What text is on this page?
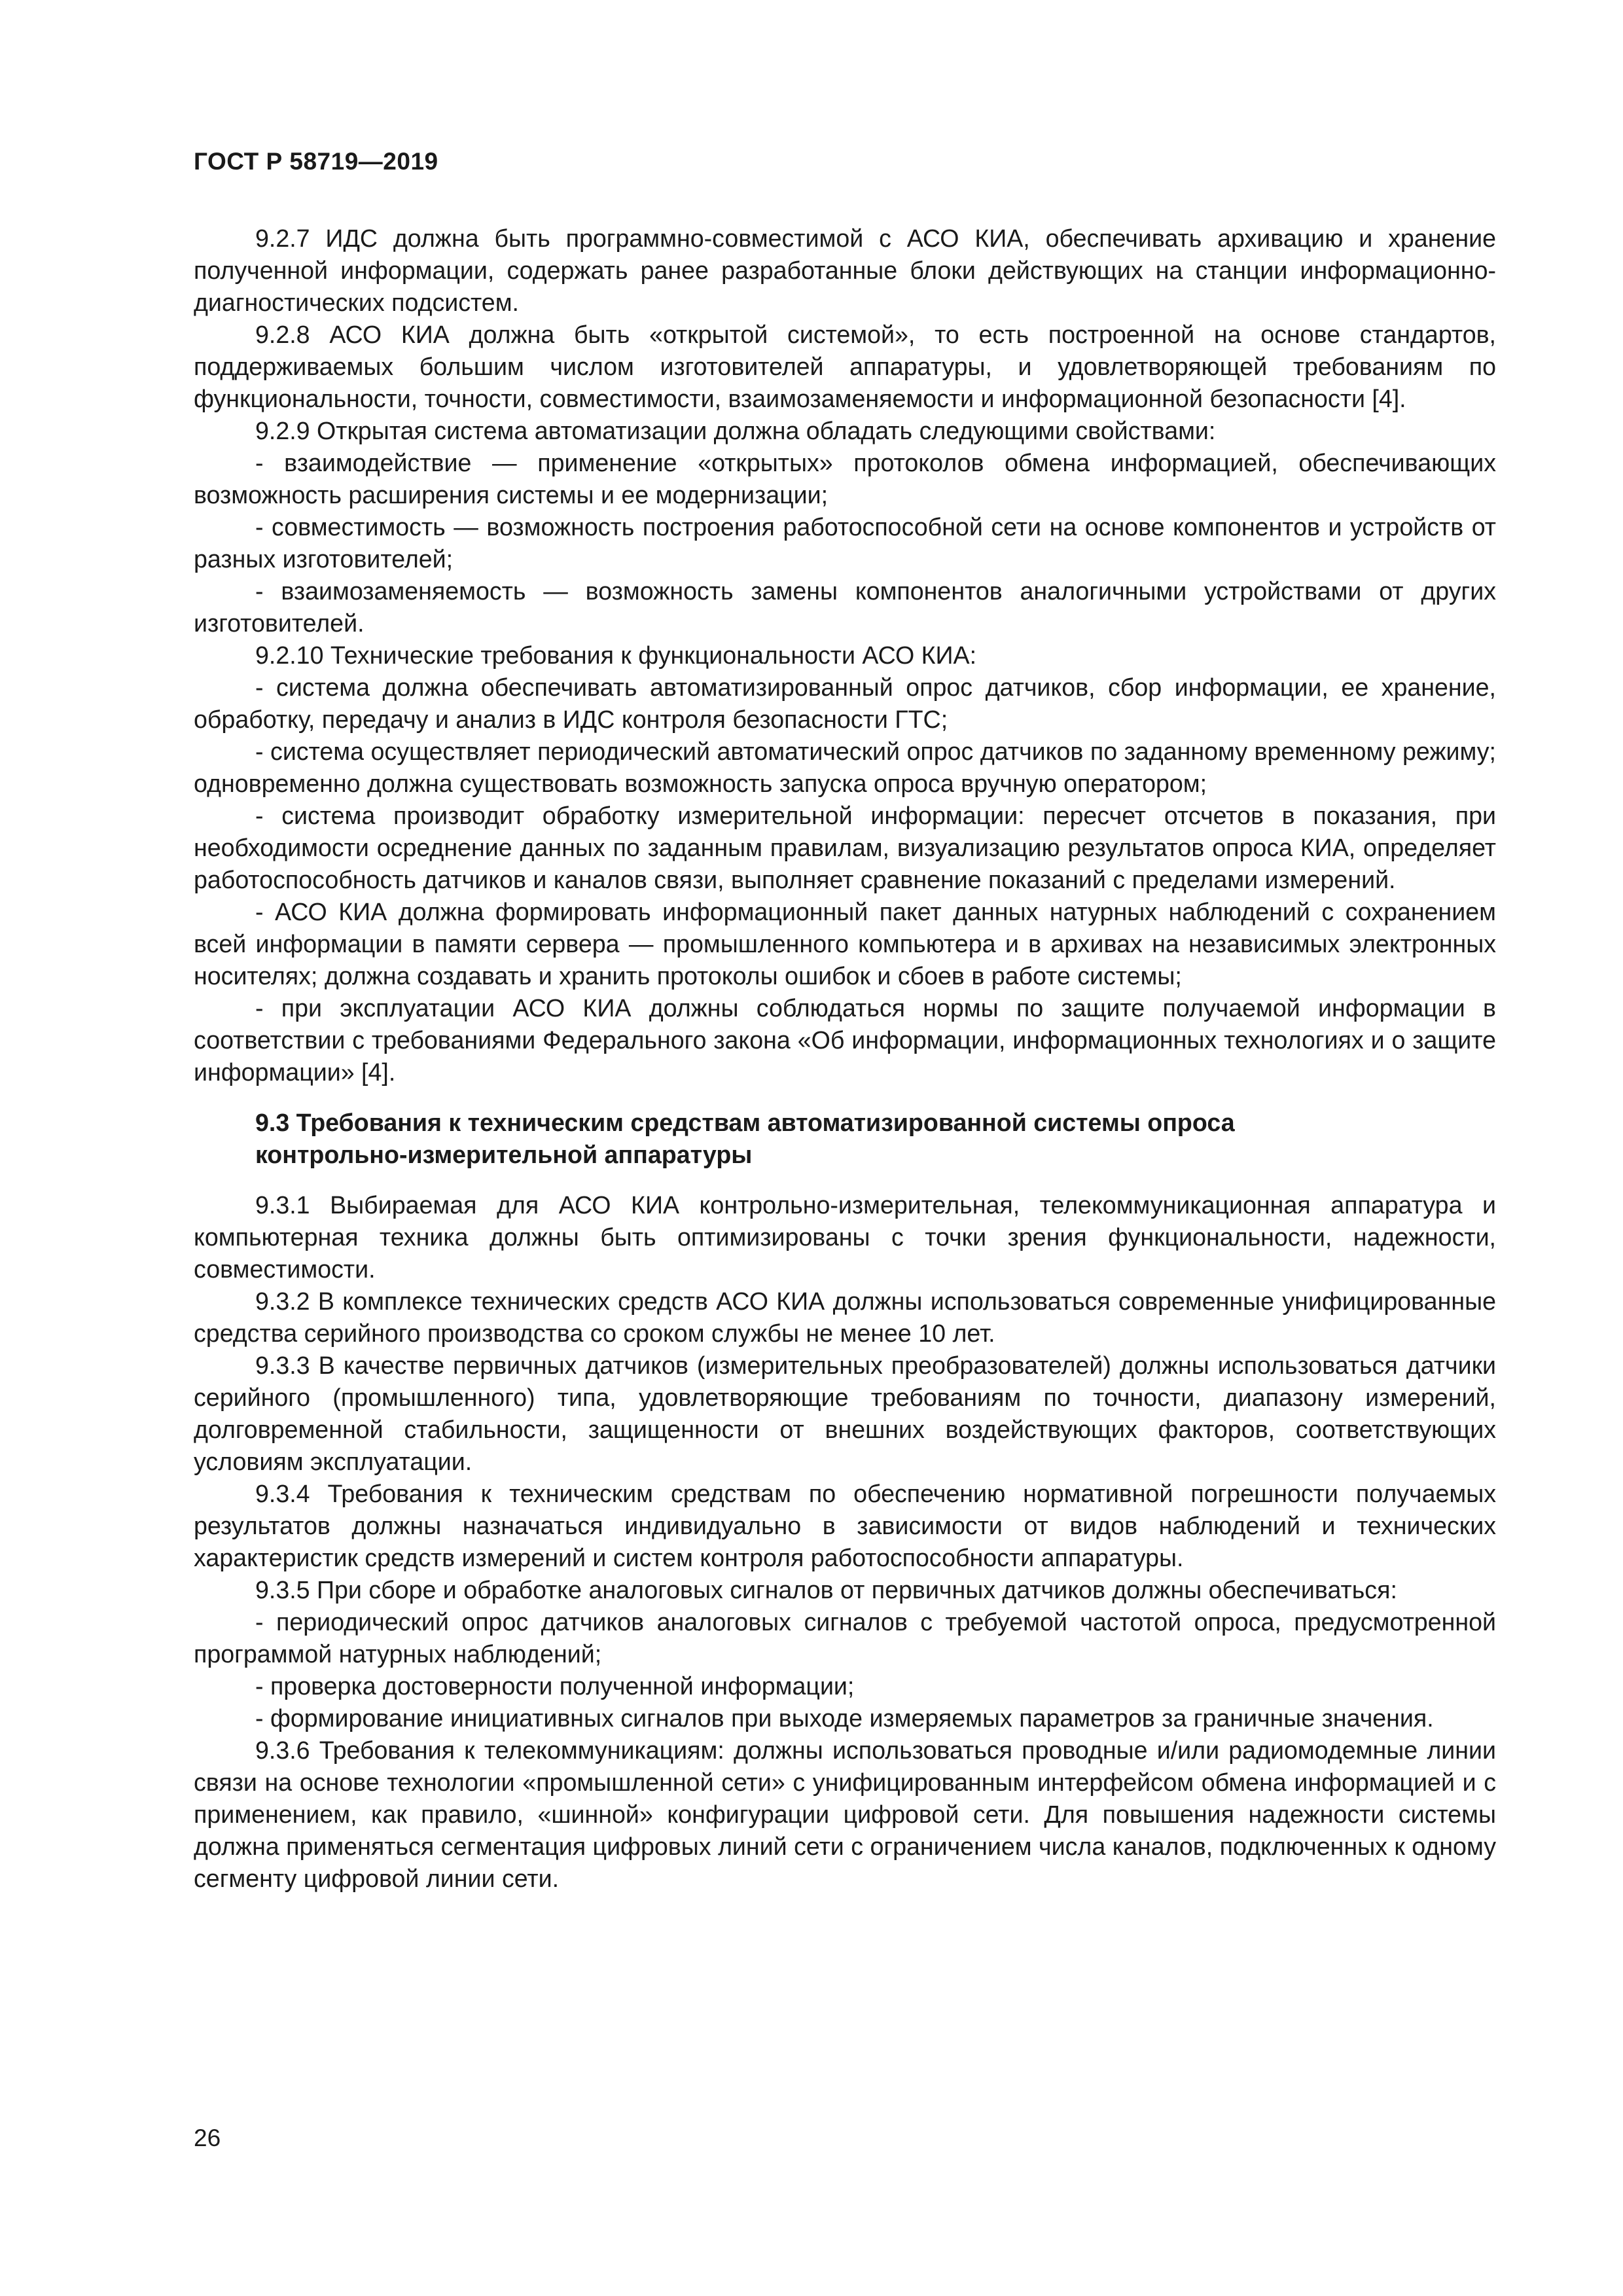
ГОСТ Р 58719—2019

9.2.7 ИДС должна быть программно-совместимой с АСО КИА, обеспечивать архивацию и хранение полученной информации, содержать ранее разработанные блоки действующих на станции информационно-диагностических подсистем.

9.2.8 АСО КИА должна быть «открытой системой», то есть построенной на основе стандартов, поддерживаемых большим числом изготовителей аппаратуры, и удовлетворяющей требованиям по функциональности, точности, совместимости, взаимозаменяемости и информационной безопасности [4].

9.2.9 Открытая система автоматизации должна обладать следующими свойствами:

- взаимодействие — применение «открытых» протоколов обмена информацией, обеспечивающих возможность расширения системы и ее модернизации;

- совместимость — возможность построения работоспособной сети на основе компонентов и устройств от разных изготовителей;

- взаимозаменяемость — возможность замены компонентов аналогичными устройствами от других изготовителей.

9.2.10 Технические требования к функциональности АСО КИА:

- система должна обеспечивать автоматизированный опрос датчиков, сбор информации, ее хранение, обработку, передачу и анализ в ИДС контроля безопасности ГТС;

- система осуществляет периодический автоматический опрос датчиков по заданному временному режиму; одновременно должна существовать возможность запуска опроса вручную оператором;

- система производит обработку измерительной информации: пересчет отсчетов в показания, при необходимости осреднение данных по заданным правилам, визуализацию результатов опроса КИА, определяет работоспособность датчиков и каналов связи, выполняет сравнение показаний с пределами измерений.

- АСО КИА должна формировать информационный пакет данных натурных наблюдений с сохранением всей информации в памяти сервера — промышленного компьютера и в архивах на независимых электронных носителях; должна создавать и хранить протоколы ошибок и сбоев в работе системы;

- при эксплуатации АСО КИА должны соблюдаться нормы по защите получаемой информации в соответствии с требованиями Федерального закона «Об информации, информационных технологиях и о защите информации» [4].

9.3 Требования к техническим средствам автоматизированной системы опроса
контрольно-измерительной аппаратуры

9.3.1 Выбираемая для АСО КИА контрольно-измерительная, телекоммуникационная аппаратура и компьютерная техника должны быть оптимизированы с точки зрения функциональности, надежности, совместимости.

9.3.2 В комплексе технических средств АСО КИА должны использоваться современные унифицированные средства серийного производства со сроком службы не менее 10 лет.

9.3.3 В качестве первичных датчиков (измерительных преобразователей) должны использоваться датчики серийного (промышленного) типа, удовлетворяющие требованиям по точности, диапазону измерений, долговременной стабильности, защищенности от внешних воздействующих факторов, соответствующих условиям эксплуатации.

9.3.4 Требования к техническим средствам по обеспечению нормативной погрешности получаемых результатов должны назначаться индивидуально в зависимости от видов наблюдений и технических характеристик средств измерений и систем контроля работоспособности аппаратуры.

9.3.5 При сборе и обработке аналоговых сигналов от первичных датчиков должны обеспечиваться:

- периодический опрос датчиков аналоговых сигналов с требуемой частотой опроса, предусмотренной программой натурных наблюдений;

- проверка достоверности полученной информации;

- формирование инициативных сигналов при выходе измеряемых параметров за граничные значения.

9.3.6 Требования к телекоммуникациям: должны использоваться проводные и/или радиомодемные линии связи на основе технологии «промышленной сети» с унифицированным интерфейсом обмена информацией и с применением, как правило, «шинной» конфигурации цифровой сети. Для повышения надежности системы должна применяться сегментация цифровых линий сети с ограничением числа каналов, подключенных к одному сегменту цифровой линии сети.

26
